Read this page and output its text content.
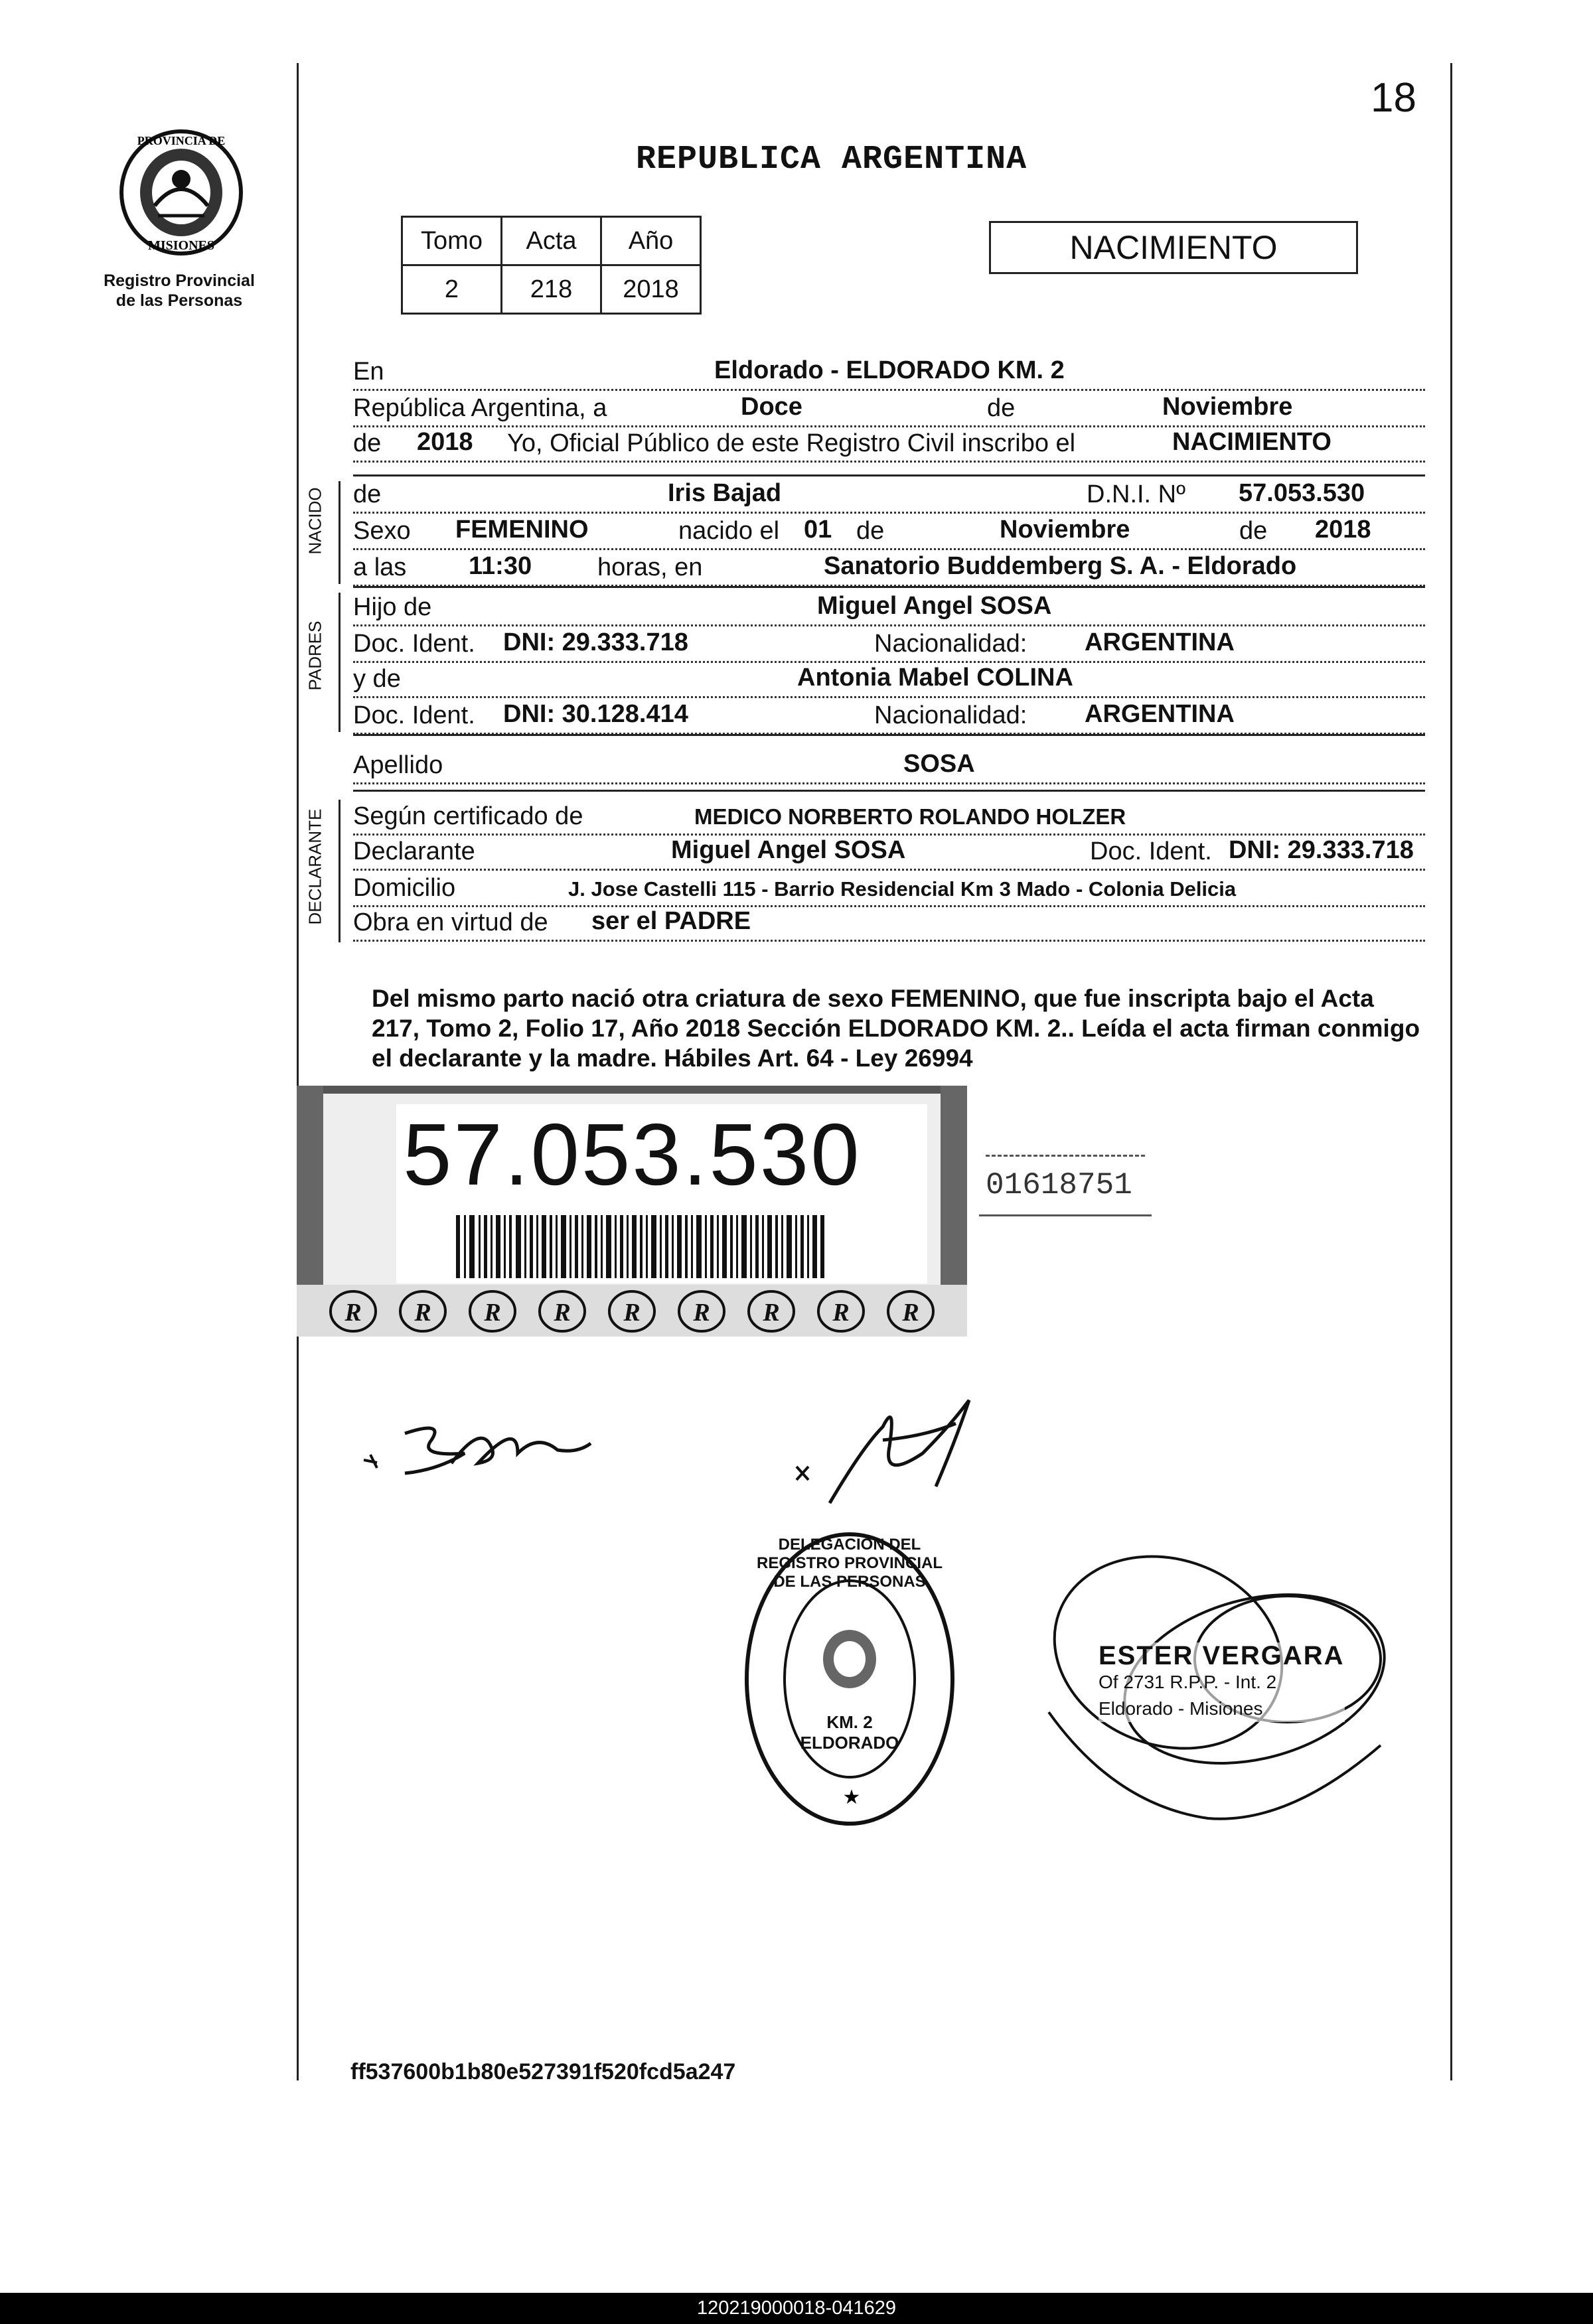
PROVINCIA DE
MISIONES
Registro Provincial
de las Personas
18
REPUBLICA ARGENTINA
Tomo	Acta	Año
2	218	2018
NACIMIENTO
En	Eldorado - ELDORADO KM. 2
República Argentina, a	Doce	de	Noviembre
de 2018 Yo, Oficial Público de este Registro Civil inscribo el	NACIMIENTO
de	Iris Bajad	D.N.I. Nº 57.053.530
Sexo FEMENINO	nacido el 01 de	Noviembre	de 2018
a las 11:30	horas, en	Sanatorio Buddemberg S. A. - Eldorado
Hijo de	Miguel Angel SOSA
Doc. Ident. DNI: 29.333.718	Nacionalidad: ARGENTINA
y de	Antonia Mabel COLINA
Doc. Ident. DNI: 30.128.414	Nacionalidad: ARGENTINA
Apellido	SOSA
Según certificado de	MEDICO NORBERTO ROLANDO HOLZER
Declarante	Miguel Angel SOSA	Doc. Ident. DNI: 29.333.718
Domicilio	J. Jose Castelli 115 - Barrio Residencial Km 3 Mado - Colonia Delicia
Obra en virtud de ser el PADRE
NACIDO
PADRES
DECLARANTE
Del mismo parto nació otra criatura de sexo FEMENINO, que fue inscripta bajo el Acta 217, Tomo 2, Folio 17, Año 2018 Sección ELDORADO KM. 2.. Leída el acta firman conmigo el declarante y la madre. Hábiles Art. 64 - Ley 26994
R R R R R R R R R
57.053.530	01618751
★
DELEGACION DEL REGISTRO PROVINCIAL DE LAS PERSONAS
KM. 2 ELDORADO
ESTER VERGARA
Of 2731 R.P.P. - Int. 2
Eldorado - Misiones
ff537600b1b80e527391f520fcd5a247
120219000018-041629
